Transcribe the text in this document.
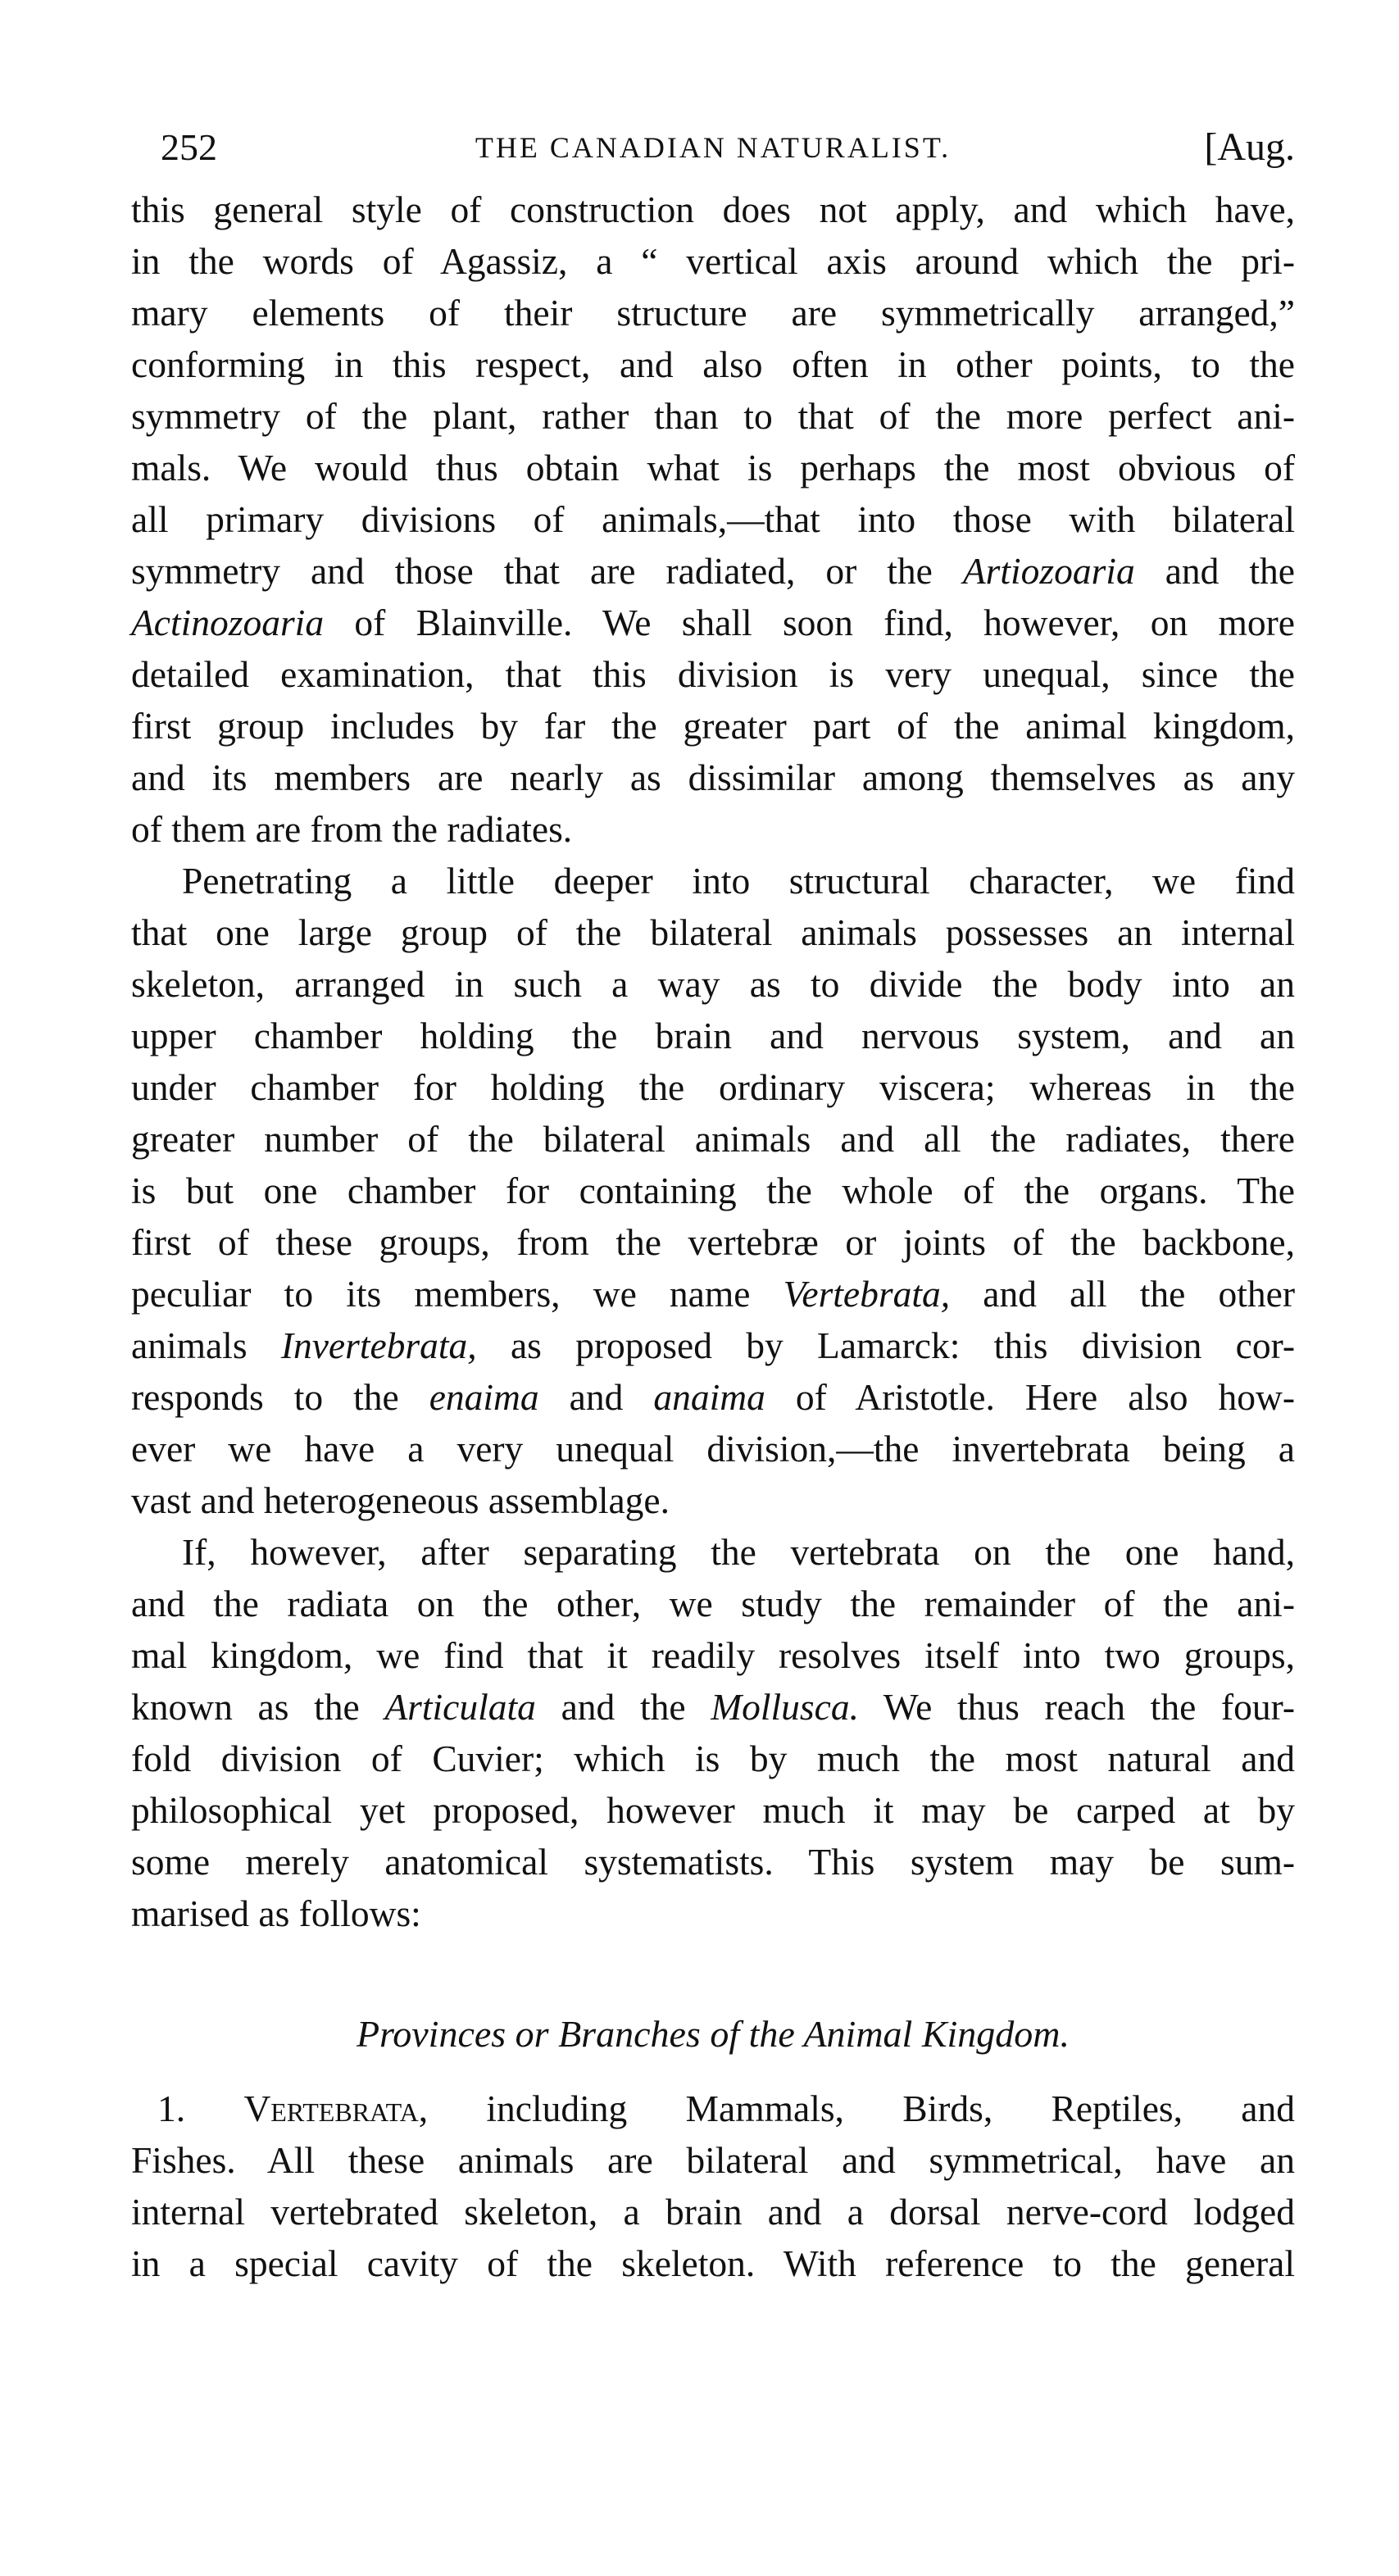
252	THE CANADIAN NATURALIST.	[Aug.

this general style of construction does not apply, and which have,
in the words of Agassiz, a “ vertical axis around which the pri-
mary elements of their structure are symmetrically arranged,”
conforming in this respect, and also often in other points, to the
symmetry of the plant, rather than to that of the more perfect ani-
mals. We would thus obtain what is perhaps the most obvious of
all primary divisions of animals,—that into those with bilateral
symmetry and those that are radiated, or the Artiozoaria and the
Actinozoaria of Blainville. We shall soon find, however, on more
detailed examination, that this division is very unequal, since the
first group includes by far the greater part of the animal kingdom,
and its members are nearly as dissimilar among themselves as any
of them are from the radiates.

Penetrating a little deeper into structural character, we find
that one large group of the bilateral animals possesses an internal
skeleton, arranged in such a way as to divide the body into an
upper chamber holding the brain and nervous system, and an
under chamber for holding the ordinary viscera; whereas in the
greater number of the bilateral animals and all the radiates, there
is but one chamber for containing the whole of the organs. The
first of these groups, from the vertebræ or joints of the backbone,
peculiar to its members, we name Vertebrata, and all the other
animals Invertebrata, as proposed by Lamarck: this division cor-
responds to the enaima and anaima of Aristotle. Here also how-
ever we have a very unequal division,—the invertebrata being a
vast and heterogeneous assemblage.

If, however, after separating the vertebrata on the one hand,
and the radiata on the other, we study the remainder of the ani-
mal kingdom, we find that it readily resolves itself into two groups,
known as the Articulata and the Mollusca. We thus reach the four-
fold division of Cuvier; which is by much the most natural and
philosophical yet proposed, however much it may be carped at by
some merely anatomical systematists. This system may be sum-
marised as follows:

Provinces or Branches of the Animal Kingdom.

1. Vertebrata, including Mammals, Birds, Reptiles, and
Fishes. All these animals are bilateral and symmetrical, have an
internal vertebrated skeleton, a brain and a dorsal nerve-cord lodged
in a special cavity of the skeleton. With reference to the general
